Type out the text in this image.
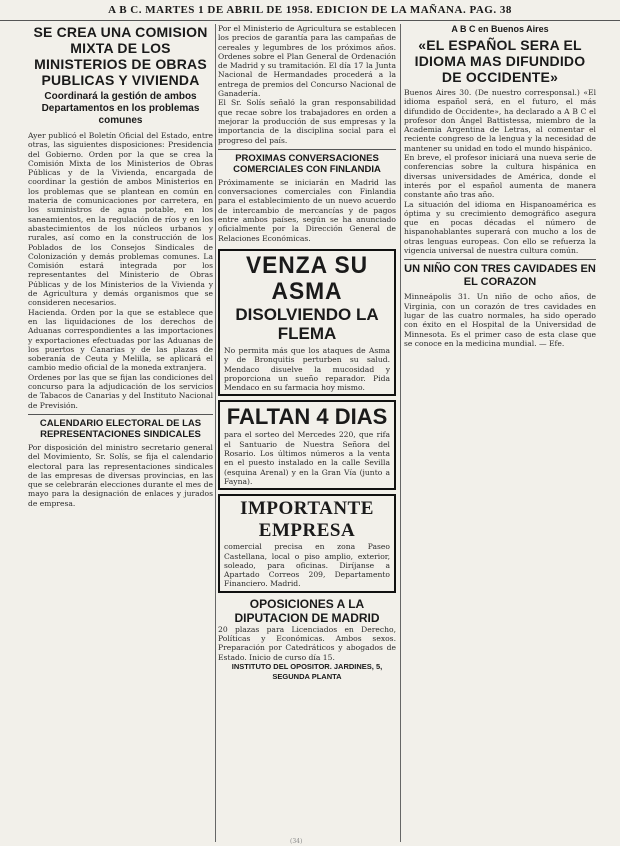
A B C. MARTES 1 DE ABRIL DE 1958. EDICION DE LA MAÑANA. PAG. 38
SE CREA UNA COMISION MIXTA DE LOS MINISTERIOS DE OBRAS PUBLICAS Y VIVIENDA
Coordinará la gestión de ambos Departamentos en los problemas comunes

Ayer publicó el Boletín Oficial del Estado, entre otras, las siguientes disposiciones: Presidencia del Gobierno. Orden por la que se crea la Comisión Mixta de los Ministerios de Obras Públicas y de la Vivienda, encargada de coordinar la gestión de ambos Ministerios en los problemas que se plantean en común en materia de comunicaciones por carretera, en los suministros de agua potable, en los saneamientos, en la regulación de ríos y en los abastecimientos de los núcleos urbanos y rurales, así como en la construcción de los Poblados de los Consejos Sindicales de Colonización y demás problemas comunes. La Comisión estará integrada por los representantes del Ministerio de Obras Públicas y de los Ministerios de la Vivienda y de Agricultura y demás organismos que se consideren necesarios.

Hacienda. Orden por la que se establece que en las liquidaciones de los derechos de Aduanas correspondientes a las importaciones y exportaciones efectuadas por las Aduanas de los puertos y Canarias y de las plazas de soberanía de Ceuta y Melilla, se aplicará el cambio medio oficial de la moneda extranjera.

Ordenes por las que se fijan las condiciones del concurso para la adjudicación de los servicios de Tabacos de Canarias y del Instituto Nacional de Previsión.

CALENDARIO ELECTORAL DE LAS REPRESENTACIONES SINDICALES

Por disposición del ministro secretario general del Movimiento, Sr. Solís, se fija el calendario electoral para las representaciones sindicales de las empresas de diversas provincias, en las que se celebrarán elecciones durante el mes de mayo para la designación de enlaces y jurados de empresa.

Por el Ministerio de Agricultura se establecen los precios de garantía para las campañas de cereales y legumbres de los próximos años. Ordenes sobre el Plan General de Ordenación de Madrid y su tramitación. El día 17 la Junta Nacional de Hermandades procederá a la entrega de premios del Concurso Nacional de Ganadería.

El Sr. Solís señaló la gran responsabilidad que recae sobre los trabajadores en orden a mejorar la producción de sus empresas y la importancia de la disciplina social para el progreso del país.

PROXIMAS CONVERSACIONES COMERCIALES CON FINLANDIA

Próximamente se iniciarán en Madrid las conversaciones comerciales con Finlandia para el establecimiento de un nuevo acuerdo de intercambio de mercancías y de pagos entre ambos países, según se ha anunciado oficialmente por la Dirección General de Relaciones Económicas.

VENZA SU ASMA
DISOLVIENDO LA FLEMA

No permita más que los ataques de Asma y de Bronquitis perturben su salud. Mendaco disuelve la mucosidad y proporciona un sueño reparador. Pida Mendaco en su farmacia hoy mismo.

FALTAN 4 DIAS

para el sorteo del Mercedes 220, que rifa el Santuario de Nuestra Señora del Rosario. Los últimos números a la venta en el puesto instalado en la calle Sevilla (esquina Arenal) y en la Gran Vía (junto a Fayna).

IMPORTANTE EMPRESA

comercial precisa en zona Paseo Castellana, local o piso amplio, exterior, soleado, para oficinas. Diríjanse a Apartado Correos 209, Departamento Financiero. Madrid.

OPOSICIONES A LA DIPUTACION DE MADRID

20 plazas para Licenciados en Derecho, Políticas y Económicas. Ambos sexos. Preparación por Catedráticos y abogados de Estado. Inicio de curso día 15.

INSTITUTO DEL OPOSITOR. JARDINES, 5, SEGUNDA PLANTA
A B C en Buenos Aires
«EL ESPAÑOL SERA EL IDIOMA MAS DIFUNDIDO DE OCCIDENTE»

Buenos Aires 30. (De nuestro corresponsal.) «El idioma español será, en el futuro, el más difundido de Occidente», ha declarado a A B C el profesor don Ángel Battistessa, miembro de la Academia Argentina de Letras, al comentar el reciente congreso de la lengua y la necesidad de mantener su unidad en todo el mundo hispánico.

En breve, el profesor iniciará una nueva serie de conferencias sobre la cultura hispánica en diversas universidades de América, donde el interés por el español aumenta de manera constante año tras año.

La situación del idioma en Hispanoamérica es óptima y su crecimiento demográfico asegura que en pocas décadas el número de hispanohablantes superará con mucho a los de otras lenguas europeas. Con ello se refuerza la vigencia universal de nuestra cultura común.

UN NIÑO CON TRES CAVIDADES EN EL CORAZON

Minneápolis 31. Un niño de ocho años, de Virginia, con un corazón de tres cavidades en lugar de las cuatro normales, ha sido operado con éxito en el Hospital de la Universidad de Minnesota. Es el primer caso de esta clase que se conoce en la medicina mundial. — Efe.

(34)
